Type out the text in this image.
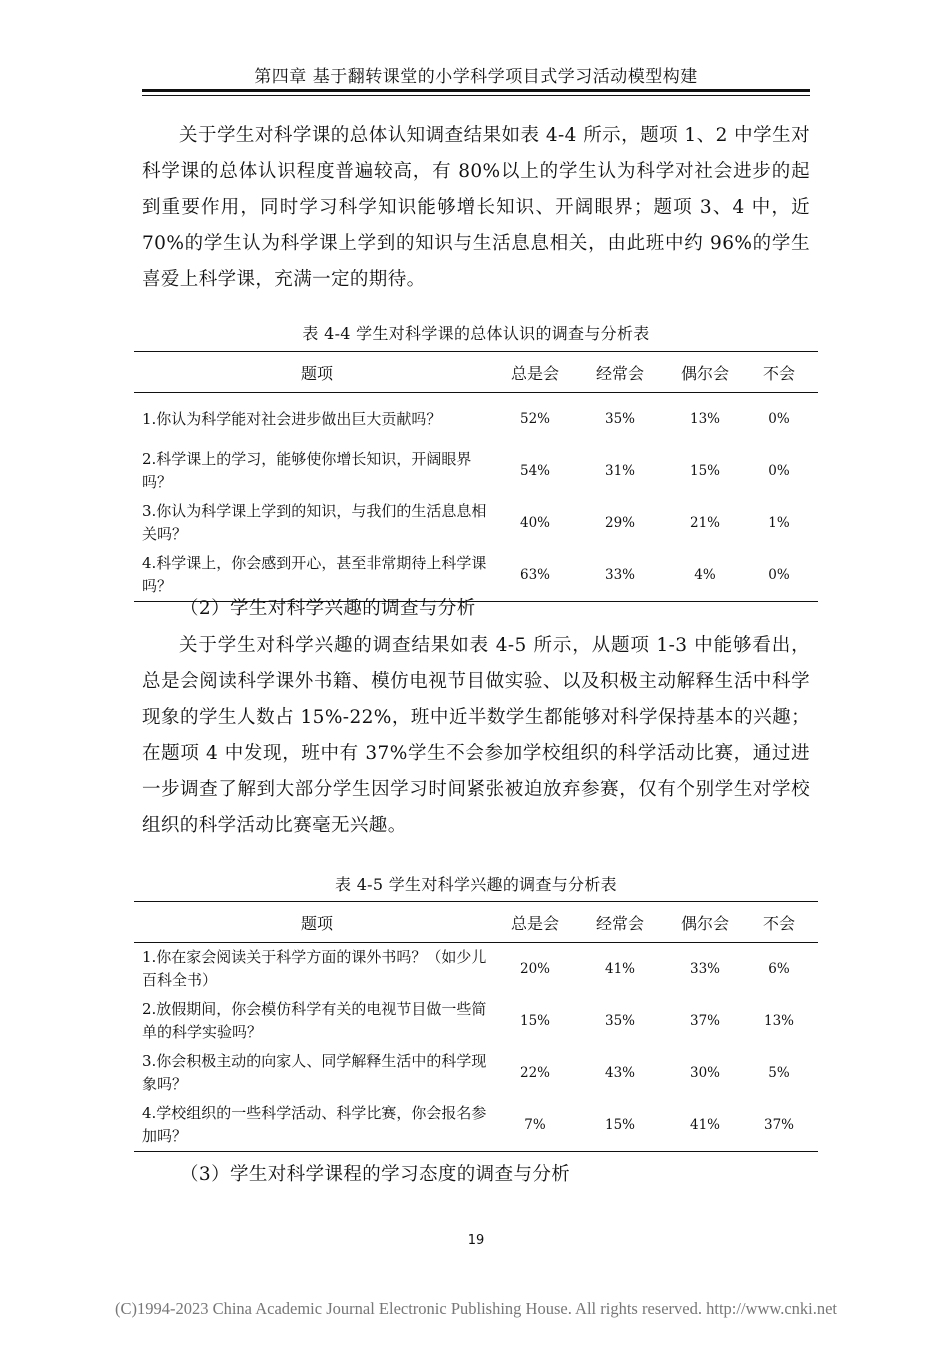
第四章 基于翻转课堂的小学科学项目式学习活动模型构建
关于学生对科学课的总体认知调查结果如表 4-4 所示，题项 1、2 中学生对科学课的总体认识程度普遍较高，有 80%以上的学生认为科学对社会进步的起到重要作用，同时学习科学知识能够增长知识、开阔眼界；题项 3、4 中，近 70%的学生认为科学课上学到的知识与生活息息相关，由此班中约 96%的学生喜爱上科学课，充满一定的期待。
表 4-4 学生对科学课的总体认识的调查与分析表
题项	总是会	经常会	偶尔会	不会
1.你认为科学能对社会进步做出巨大贡献吗？	52%	35%	13%	0%
2.科学课上的学习，能够使你增长知识，开阔眼界吗？	54%	31%	15%	0%
3.你认为科学课上学到的知识，与我们的生活息息相关吗？	40%	29%	21%	1%
4.科学课上，你会感到开心，甚至非常期待上科学课吗？	63%	33%	4%	0%
（2）学生对科学兴趣的调查与分析
关于学生对科学兴趣的调查结果如表 4-5 所示，从题项 1-3 中能够看出，总是会阅读科学课外书籍、模仿电视节目做实验、以及积极主动解释生活中科学现象的学生人数占 15%-22%，班中近半数学生都能够对科学保持基本的兴趣；在题项 4 中发现，班中有 37%学生不会参加学校组织的科学活动比赛，通过进一步调查了解到大部分学生因学习时间紧张被迫放弃参赛，仅有个别学生对学校组织的科学活动比赛毫无兴趣。
表 4-5 学生对科学兴趣的调查与分析表
题项	总是会	经常会	偶尔会	不会
1.你在家会阅读关于科学方面的课外书吗？（如少儿百科全书）	20%	41%	33%	6%
2.放假期间，你会模仿科学有关的电视节目做一些简单的科学实验吗？	15%	35%	37%	13%
3.你会积极主动的向家人、同学解释生活中的科学现象吗？	22%	43%	30%	5%
4.学校组织的一些科学活动、科学比赛，你会报名参加吗？	7%	15%	41%	37%
（3）学生对科学课程的学习态度的调查与分析
19
(C)1994-2023 China Academic Journal Electronic Publishing House. All rights reserved. http://www.cnki.net
